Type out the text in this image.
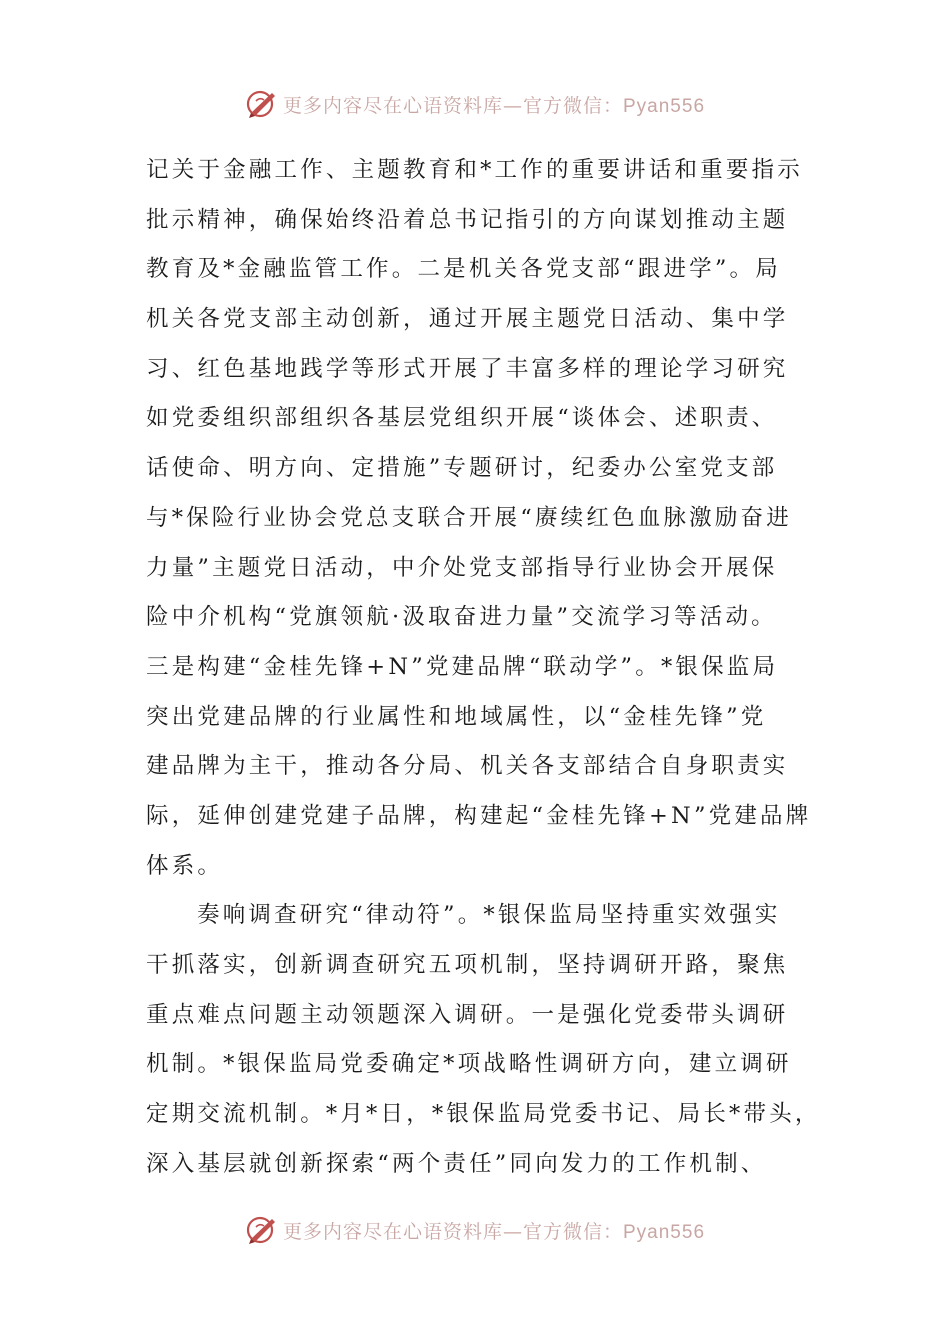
更多内容尽在心语资料库—官方微信：Pyan556
记关于金融工作、主题教育和*工作的重要讲话和重要指示
批示精神，确保始终沿着总书记指引的方向谋划推动主题
教育及*金融监管工作。二是机关各党支部“跟进学”。局
机关各党支部主动创新，通过开展主题党日活动、集中学
习、红色基地践学等形式开展了丰富多样的理论学习研究
如党委组织部组织各基层党组织开展“谈体会、述职责、
话使命、明方向、定措施”专题研讨，纪委办公室党支部
与*保险行业协会党总支联合开展“赓续红色血脉激励奋进
力量”主题党日活动，中介处党支部指导行业协会开展保
险中介机构“党旗领航·汲取奋进力量”交流学习等活动。
三是构建“金桂先锋+N”党建品牌“联动学”。*银保监局
突出党建品牌的行业属性和地域属性，以“金桂先锋”党
建品牌为主干，推动各分局、机关各支部结合自身职责实
际，延伸创建党建子品牌，构建起“金桂先锋+N”党建品牌
体系。
奏响调查研究“律动符”。*银保监局坚持重实效强实
干抓落实，创新调查研究五项机制，坚持调研开路，聚焦
重点难点问题主动领题深入调研。一是强化党委带头调研
机制。*银保监局党委确定*项战略性调研方向，建立调研
定期交流机制。*月*日，*银保监局党委书记、局长*带头，
深入基层就创新探索“两个责任”同向发力的工作机制、
更多内容尽在心语资料库—官方微信：Pyan556
